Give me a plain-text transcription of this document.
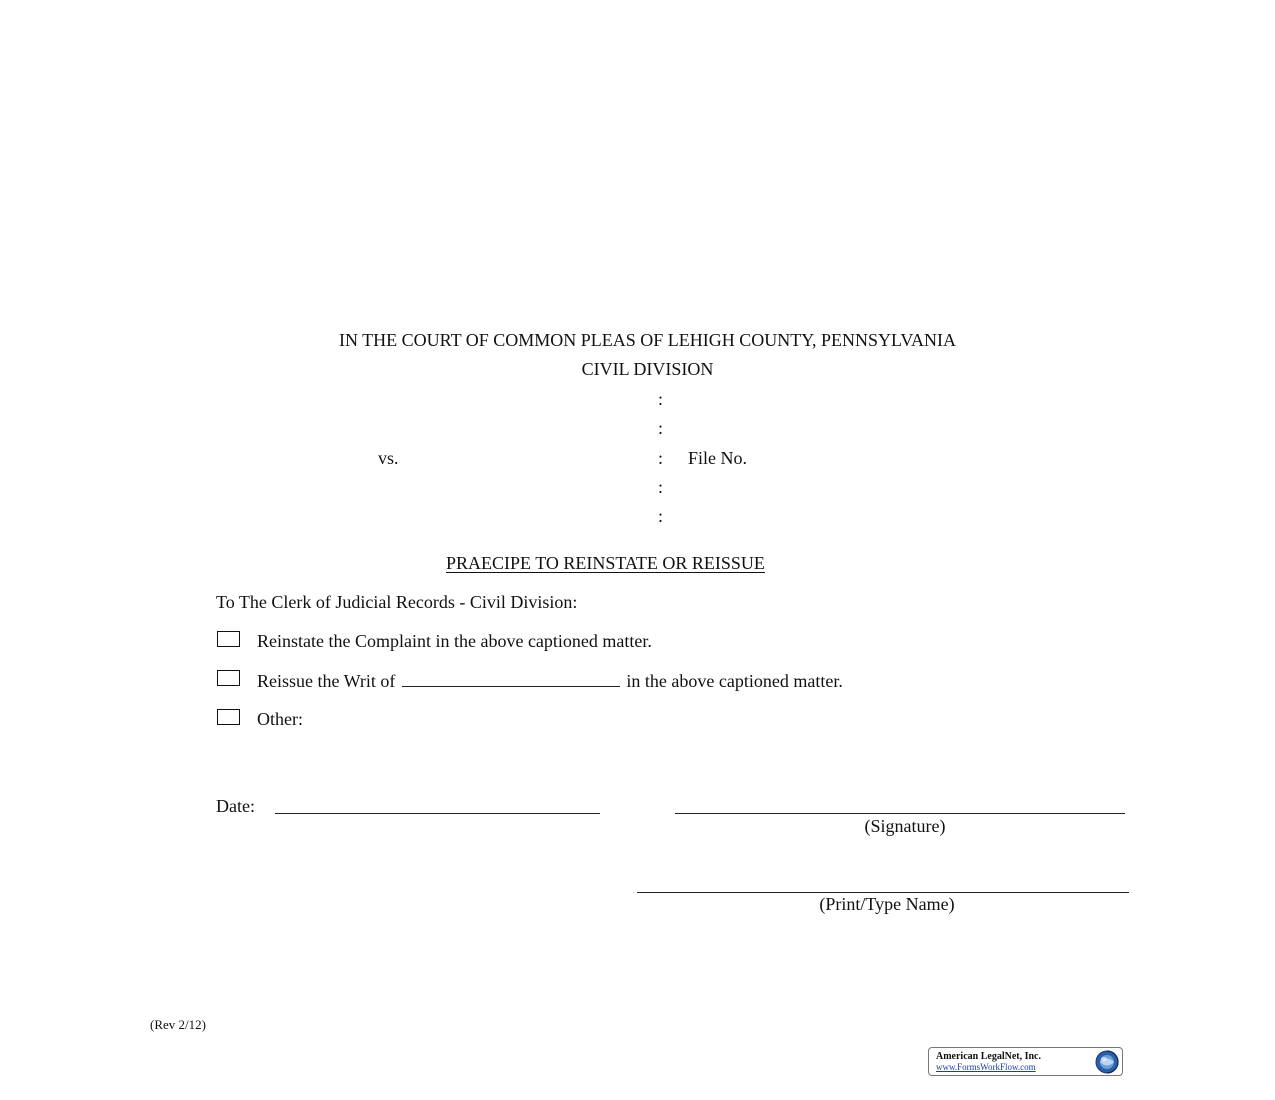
IN THE COURT OF COMMON PLEAS OF LEHIGH COUNTY, PENNSYLVANIA
CIVIL DIVISION
:
:
vs.	: File No.
:
:
PRAECIPE TO REINSTATE OR REISSUE
To The Clerk of Judicial Records - Civil Division:
Reinstate the Complaint in the above captioned matter.
Reissue the Writ of	in the above captioned matter.
Other:
Date:
(Signature)
(Print/Type Name)
(Rev 2/12)
American LegalNet, Inc.
www.FormsWorkFlow.com
